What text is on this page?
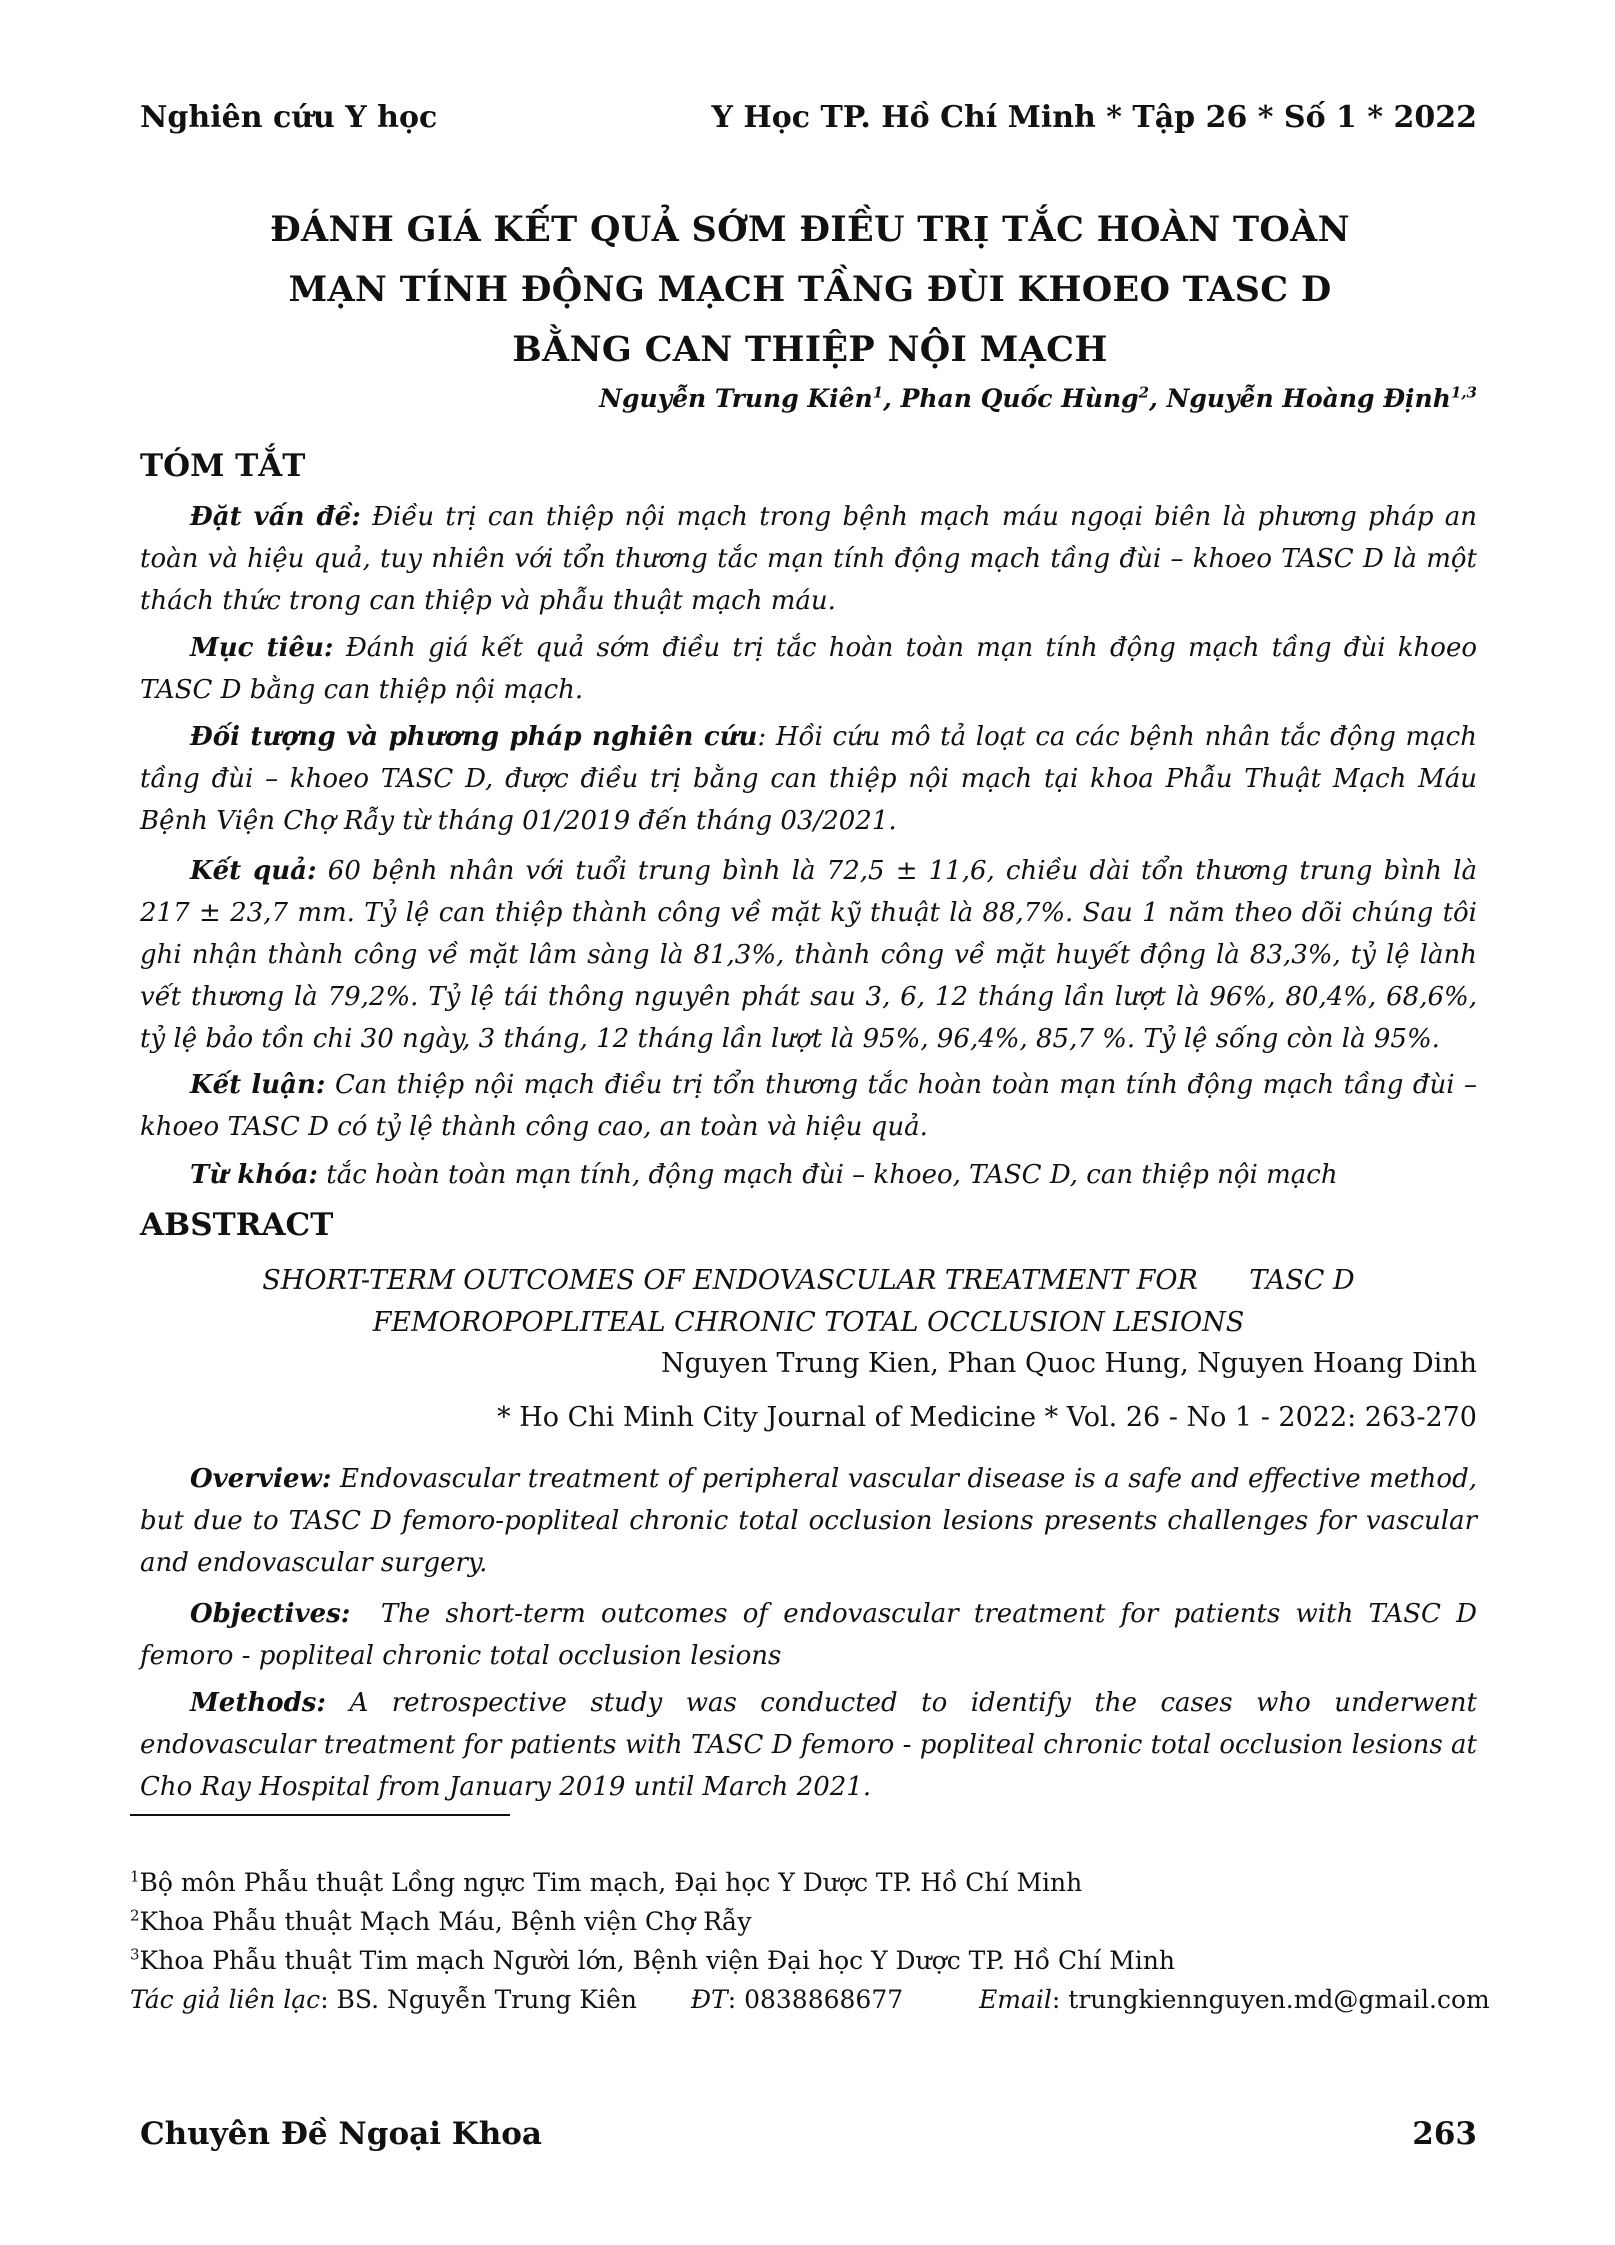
Nghiên cứu Y học	Y Học TP. Hồ Chí Minh * Tập 26 * Số 1 * 2022
ĐÁNH GIÁ KẾT QUẢ SỚM ĐIỀU TRỊ TẮC HOÀN TOÀN
MẠN TÍNH ĐỘNG MẠCH TẦNG ĐÙI KHOEO TASC D
BẰNG CAN THIỆP NỘI MẠCH
Nguyễn Trung Kiên$^1$, Phan Quốc Hùng$^2$, Nguyễn Hoàng Định$^{1,3}$
TÓM TẮT

Đặt vấn đề: Điều trị can thiệp nội mạch trong bệnh mạch máu ngoại biên là phương pháp an toàn và hiệu quả, tuy nhiên với tổn thương tắc mạn tính động mạch tầng đùi – khoeo TASC D là một thách thức trong can thiệp và phẫu thuật mạch máu.

Mục tiêu: Đánh giá kết quả sớm điều trị tắc hoàn toàn mạn tính động mạch tầng đùi khoeo TASC D bằng can thiệp nội mạch.

Đối tượng và phương pháp nghiên cứu: Hồi cứu mô tả loạt ca các bệnh nhân tắc động mạch tầng đùi – khoeo TASC D, được điều trị bằng can thiệp nội mạch tại khoa Phẫu Thuật Mạch Máu Bệnh Viện Chợ Rẫy từ tháng 01/2019 đến tháng 03/2021.

Kết quả: 60 bệnh nhân với tuổi trung bình là 72,5 ± 11,6, chiều dài tổn thương trung bình là 217 ± 23,7 mm. Tỷ lệ can thiệp thành công về mặt kỹ thuật là 88,7%. Sau 1 năm theo dõi chúng tôi ghi nhận thành công về mặt lâm sàng là 81,3%, thành công về mặt huyết động là 83,3%, tỷ lệ lành vết thương là 79,2%. Tỷ lệ tái thông nguyên phát sau 3, 6, 12 tháng lần lượt là 96%, 80,4%, 68,6%, tỷ lệ bảo tồn chi 30 ngày, 3 tháng, 12 tháng lần lượt là 95%, 96,4%, 85,7 %. Tỷ lệ sống còn là 95%.

Kết luận: Can thiệp nội mạch điều trị tổn thương tắc hoàn toàn mạn tính động mạch tầng đùi – khoeo TASC D có tỷ lệ thành công cao, an toàn và hiệu quả.

Từ khóa: tắc hoàn toàn mạn tính, động mạch đùi – khoeo, TASC D, can thiệp nội mạch

ABSTRACT
SHORT-TERM OUTCOMES OF ENDOVASCULAR TREATMENT FOR      TASC D
FEMOROPOPLITEAL CHRONIC TOTAL OCCLUSION LESIONS
Nguyen Trung Kien, Phan Quoc Hung, Nguyen Hoang Dinh
* Ho Chi Minh City Journal of Medicine * Vol. 26 - No 1 - 2022: 263-270

Overview: Endovascular treatment of peripheral vascular disease is a safe and effective method, but due to TASC D femoro-popliteal chronic total occlusion lesions presents challenges for vascular and endovascular surgery.

Objectives:  The short-term outcomes of endovascular treatment for patients with TASC D femoro - popliteal chronic total occlusion lesions

Methods: A retrospective study was conducted to identify the cases who underwent endovascular treatment for patients with TASC D femoro - popliteal chronic total occlusion lesions at Cho Ray Hospital from January 2019 until March 2021.

$^1$Bộ môn Phẫu thuật Lồng ngực Tim mạch, Đại học Y Dược TP. Hồ Chí Minh
$^2$Khoa Phẫu thuật Mạch Máu, Bệnh viện Chợ Rẫy
$^3$Khoa Phẫu thuật Tim mạch Người lớn, Bệnh viện Đại học Y Dược TP. Hồ Chí Minh
Tác giả liên lạc: BS. Nguyễn Trung Kiên ĐT: 0838868677	Email: trungkiennguyen.md@gmail.com
Chuyên Đề Ngoại Khoa	263
